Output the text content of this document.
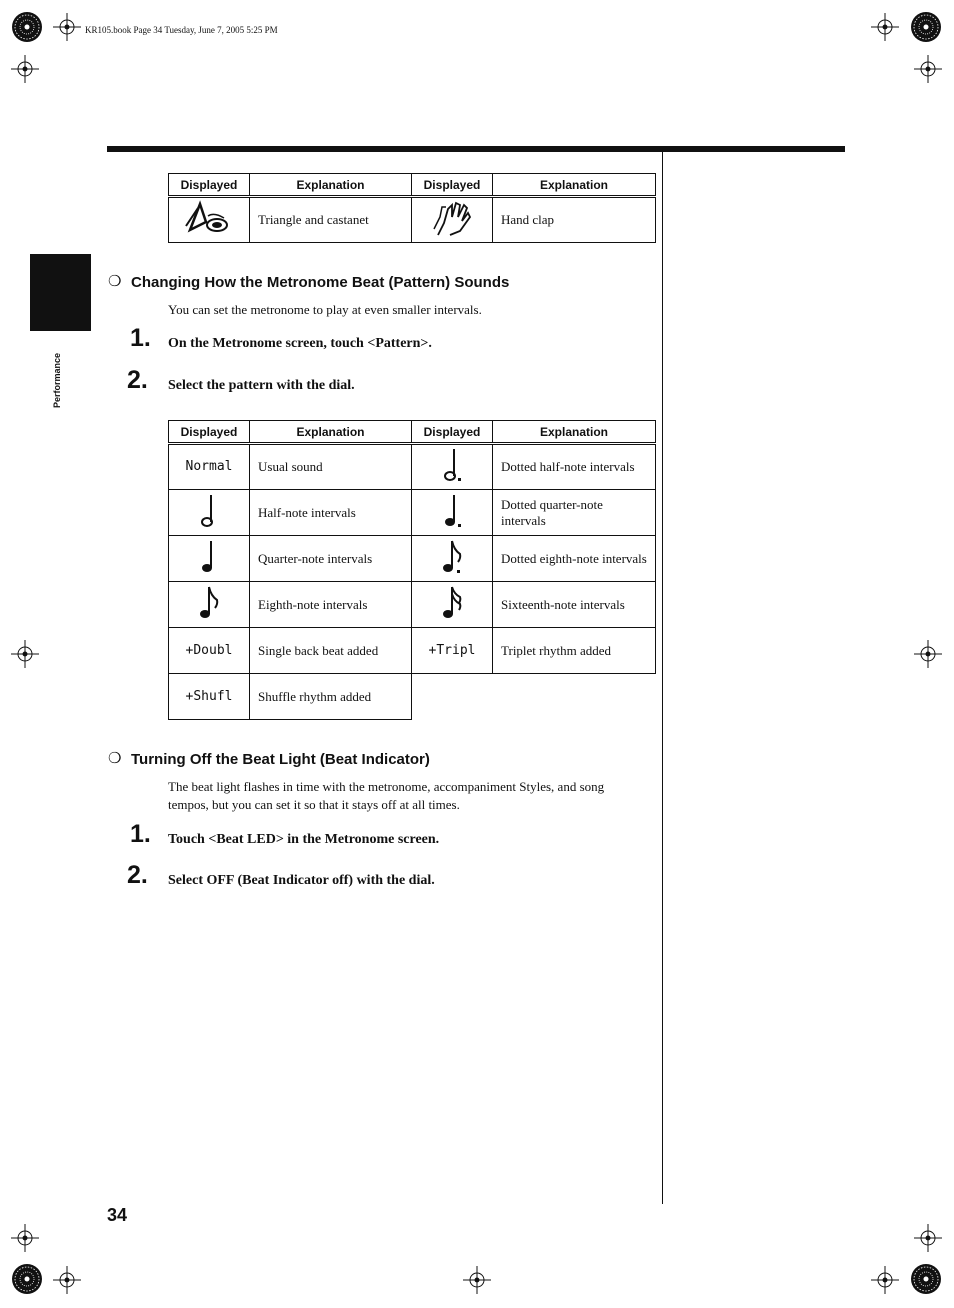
KR105.book Page 34 Tuesday, June 7, 2005 5:25 PM
Performance
Displayed	Explanation	Displayed	Explanation
	Triangle and castanet		Hand clap
❍ Changing How the Metronome Beat (Pattern) Sounds
You can set the metronome to play at even smaller intervals.
1. On the Metronome screen, touch <Pattern>.
2. Select the pattern with the dial.
Displayed	Explanation	Displayed	Explanation
Normal	Usual sound		Dotted half-note intervals
	Half-note intervals		Dotted quarter-note intervals
	Quarter-note intervals		Dotted eighth-note intervals
	Eighth-note intervals		Sixteenth-note intervals
+Doubl	Single back beat added	+Tripl	Triplet rhythm added
+Shufl	Shuffle rhythm added		
❍ Turning Off the Beat Light (Beat Indicator)
The beat light flashes in time with the metronome, accompaniment Styles, and song
tempos, but you can set it so that it stays off at all times.
1. Touch <Beat LED> in the Metronome screen.
2. Select OFF (Beat Indicator off) with the dial.
34
